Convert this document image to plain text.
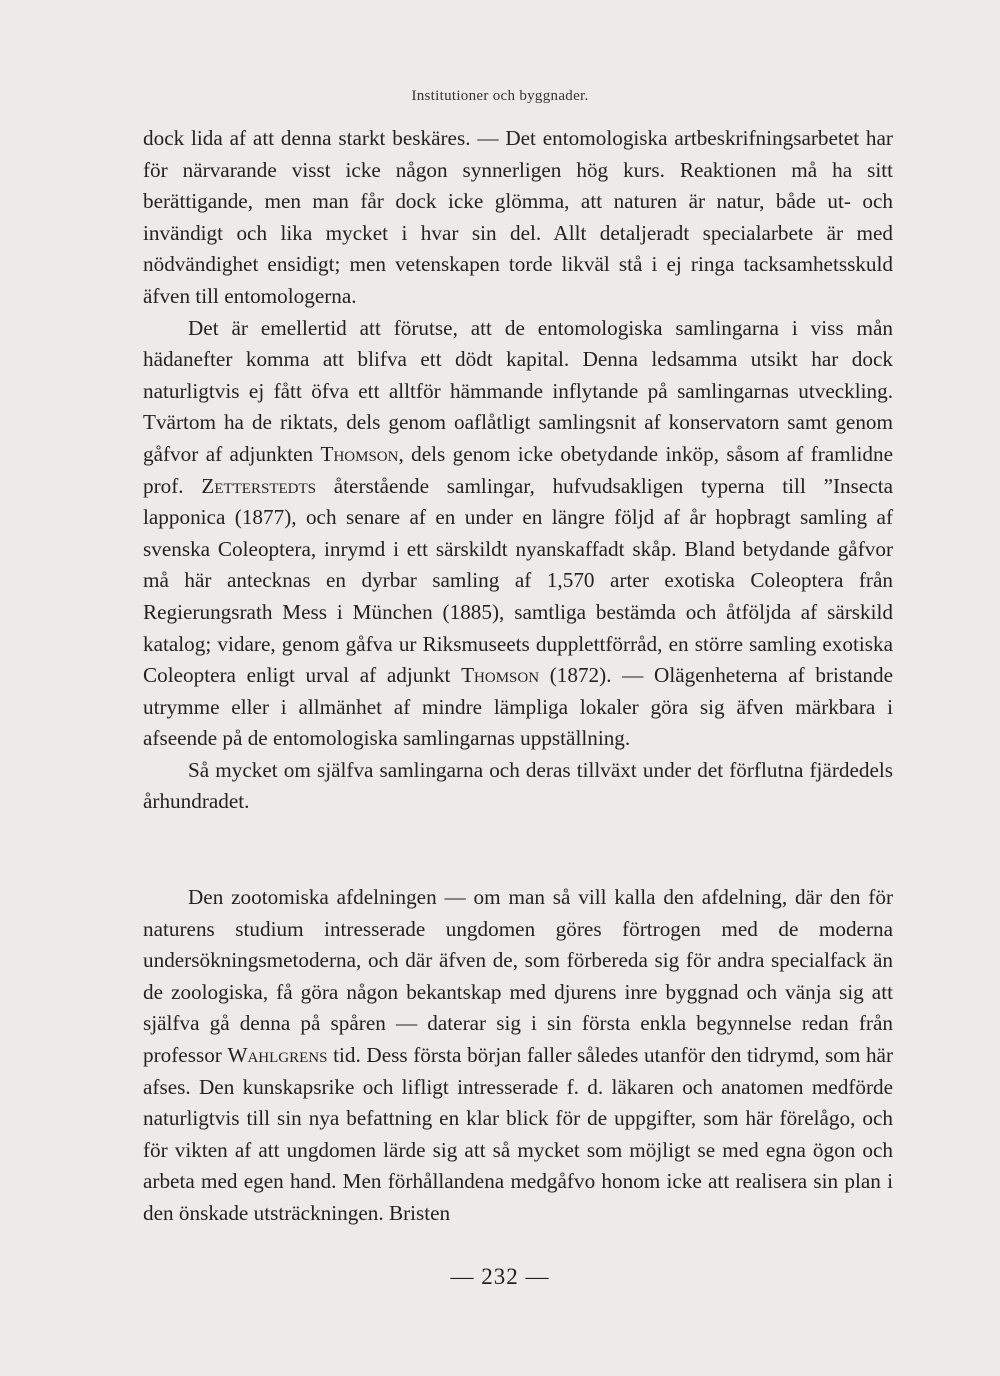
Institutioner och byggnader.

dock lida af att denna starkt beskäres. — Det entomologiska artbeskrifningsarbetet har för närvarande visst icke någon synnerligen hög kurs. Reaktionen må ha sitt berättigande, men man får dock icke glömma, att naturen är natur, både ut- och invändigt och lika mycket i hvar sin del. Allt detaljeradt specialarbete är med nödvändighet ensidigt; men vetenskapen torde likväl stå i ej ringa tacksamhetsskuld äfven till entomologerna.

Det är emellertid att förutse, att de entomologiska samlingarna i viss mån hädanefter komma att blifva ett dödt kapital. Denna ledsamma utsikt har dock naturligtvis ej fått öfva ett alltför hämmande inflytande på samlingarnas utveckling. Tvärtom ha de riktats, dels genom oaflåtligt samlingsnit af konservatorn samt genom gåfvor af adjunkten Thomson, dels genom icke obetydande inköp, såsom af framlidne prof. Zetterstedts återstående samlingar, hufvudsakligen typerna till ”Insecta lapponica (1877), och senare af en under en längre följd af år hopbragt samling af svenska Coleoptera, inrymd i ett särskildt nyanskaffadt skåp. Bland betydande gåfvor må här antecknas en dyrbar samling af 1,570 arter exotiska Coleoptera från Regierungsrath Mess i München (1885), samtliga bestämda och åtföljda af särskild katalog; vidare, genom gåfva ur Riksmuseets dupplettförråd, en större samling exotiska Coleoptera enligt urval af adjunkt Thomson (1872). — Olägenheterna af bristande utrymme eller i allmänhet af mindre lämpliga lokaler göra sig äfven märkbara i afseende på de entomologiska samlingarnas uppställning.

Så mycket om själfva samlingarna och deras tillväxt under det förflutna fjärdedels århundradet.

Den zootomiska afdelningen — om man så vill kalla den afdelning, där den för naturens studium intresserade ungdomen göres förtrogen med de moderna undersökningsmetoderna, och där äfven de, som förbereda sig för andra specialfack än de zoologiska, få göra någon bekantskap med djurens inre byggnad och vänja sig att själfva gå denna på spåren — daterar sig i sin första enkla begynnelse redan från professor Wahlgrens tid. Dess första början faller således utanför den tidrymd, som här afses. Den kunskapsrike och lifligt intresserade f. d. läkaren och anatomen medförde naturligtvis till sin nya befattning en klar blick för de uppgifter, som här förelågo, och för vikten af att ungdomen lärde sig att så mycket som möjligt se med egna ögon och arbeta med egen hand. Men förhållandena medgåfvo honom icke att realisera sin plan i den önskade utsträckningen. Bristen

— 232 —
